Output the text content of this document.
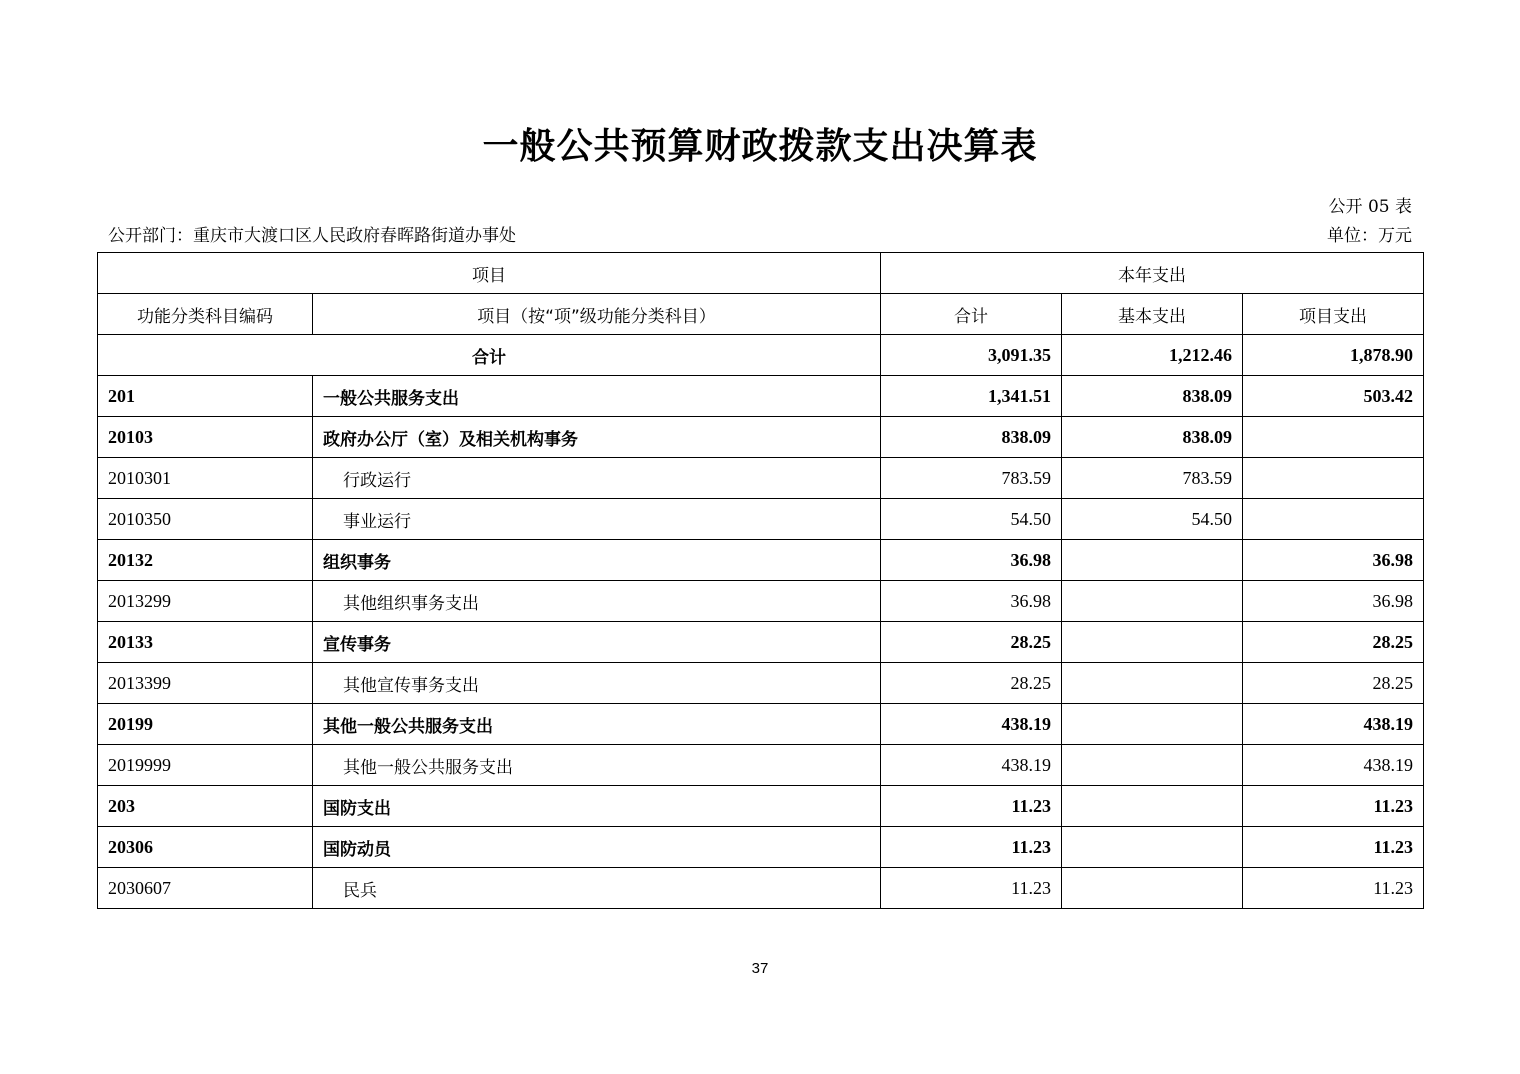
一般公共预算财政拨款支出决算表
公开 05 表
公开部门：重庆市大渡口区人民政府春晖路街道办事处	单位：万元
项目		本年支出		
功能分类科目编码	项目（按“项”级功能分类科目）	合计	基本支出	项目支出
合计		3,091.35	1,212.46	1,878.90
201	一般公共服务支出	1,341.51	838.09	503.42
20103	政府办公厅（室）及相关机构事务	838.09	838.09	
2010301	行政运行	783.59	783.59	
2010350	事业运行	54.50	54.50	
20132	组织事务	36.98		36.98
2013299	其他组织事务支出	36.98		36.98
20133	宣传事务	28.25		28.25
2013399	其他宣传事务支出	28.25		28.25
20199	其他一般公共服务支出	438.19		438.19
2019999	其他一般公共服务支出	438.19		438.19
203	国防支出	11.23		11.23
20306	国防动员	11.23		11.23
2030607	民兵	11.23		11.23
37
